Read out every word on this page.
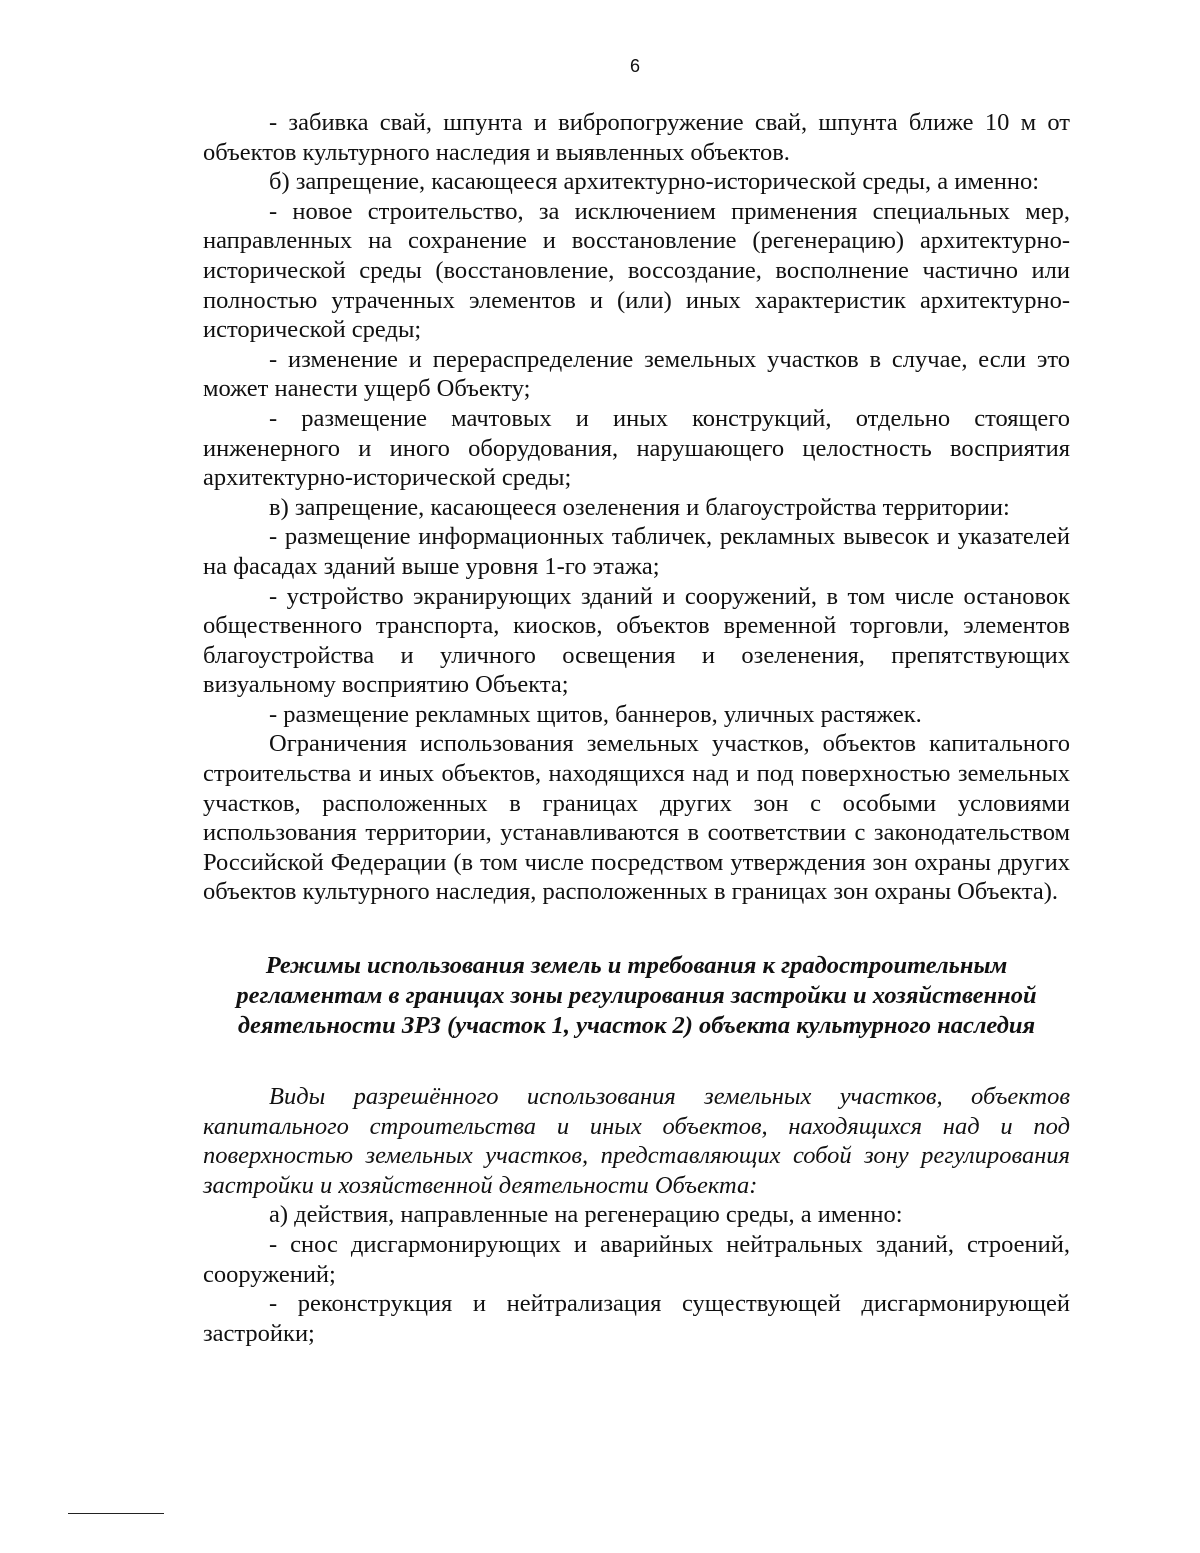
6

- забивка свай, шпунта и вибропогружение свай, шпунта ближе 10 м от объектов культурного наследия и выявленных объектов.

б) запрещение, касающееся архитектурно-исторической среды, а именно:

- новое строительство, за исключением применения специальных мер, направленных на сохранение и восстановление (регенерацию) архитектурно-исторической среды (восстановление, воссоздание, восполнение частично или полностью утраченных элементов и (или) иных характеристик архитектурно-исторической среды;

- изменение и перераспределение земельных участков в случае, если это может нанести ущерб Объекту;

- размещение мачтовых и иных конструкций, отдельно стоящего инженерного и иного оборудования, нарушающего целостность восприятия архитектурно-исторической среды;

в) запрещение, касающееся озеленения и благоустройства территории:

- размещение информационных табличек, рекламных вывесок и указателей на фасадах зданий выше уровня 1-го этажа;

- устройство экранирующих зданий и сооружений, в том числе остановок общественного транспорта, киосков, объектов временной торговли, элементов благоустройства и уличного освещения и озеленения, препятствующих визуальному восприятию Объекта;

- размещение рекламных щитов, баннеров, уличных растяжек.

Ограничения использования земельных участков, объектов капитального строительства и иных объектов, находящихся над и под поверхностью земельных участков, расположенных в границах других зон с особыми условиями использования территории, устанавливаются в соответствии с законодательством Российской Федерации (в том числе посредством утверждения зон охраны других объектов культурного наследия, расположенных в границах зон охраны Объекта).

Режимы использования земель и требования к градостроительным
регламентам в границах зоны регулирования застройки и хозяйственной
деятельности ЗРЗ (участок 1, участок 2) объекта культурного наследия

Виды разрешённого использования земельных участков, объектов капитального строительства и иных объектов, находящихся над и под поверхностью земельных участков, представляющих собой зону регулирования застройки и хозяйственной деятельности Объекта:

а) действия, направленные на регенерацию среды, а именно:

- снос дисгармонирующих и аварийных нейтральных зданий, строений, сооружений;

- реконструкция и нейтрализация существующей дисгармонирующей застройки;
